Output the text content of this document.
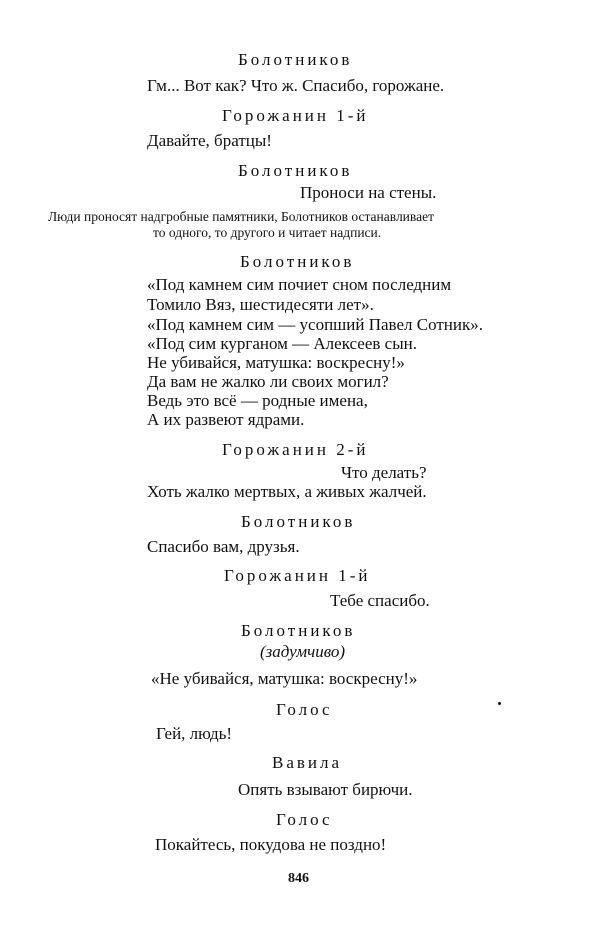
Болотников
Гм... Вот как? Что ж. Спасибо, горожане.
Горожанин 1-й
Давайте, братцы!
Болотников
Проноси на стены.
Люди проносят надгробные памятники, Болотников останавливает
то одного, то другого и читает надписи.
Болотников
«Под камнем сим почиет сном последним
Томило Вяз, шестидесяти лет».
«Под камнем сим — усопший Павел Сотник».
«Под сим курганом — Алексеев сын.
Не убивайся, матушка: воскресну!»
Да вам не жалко ли своих могил?
Ведь это всё — родные имена,
А их развеют ядрами.
Горожанин 2-й
Что делать?
Хоть жалко мертвых, а живых жалчей.
Болотников
Спасибо вам, друзья.
Горожанин 1-й
Тебе спасибо.
Болотников
(задумчиво)
«Не убивайся, матушка: воскресну!»
Голос
Гей, людь!
Вавила
Опять взывают бирючи.
Голос
Покайтесь, покудова не поздно!
846
